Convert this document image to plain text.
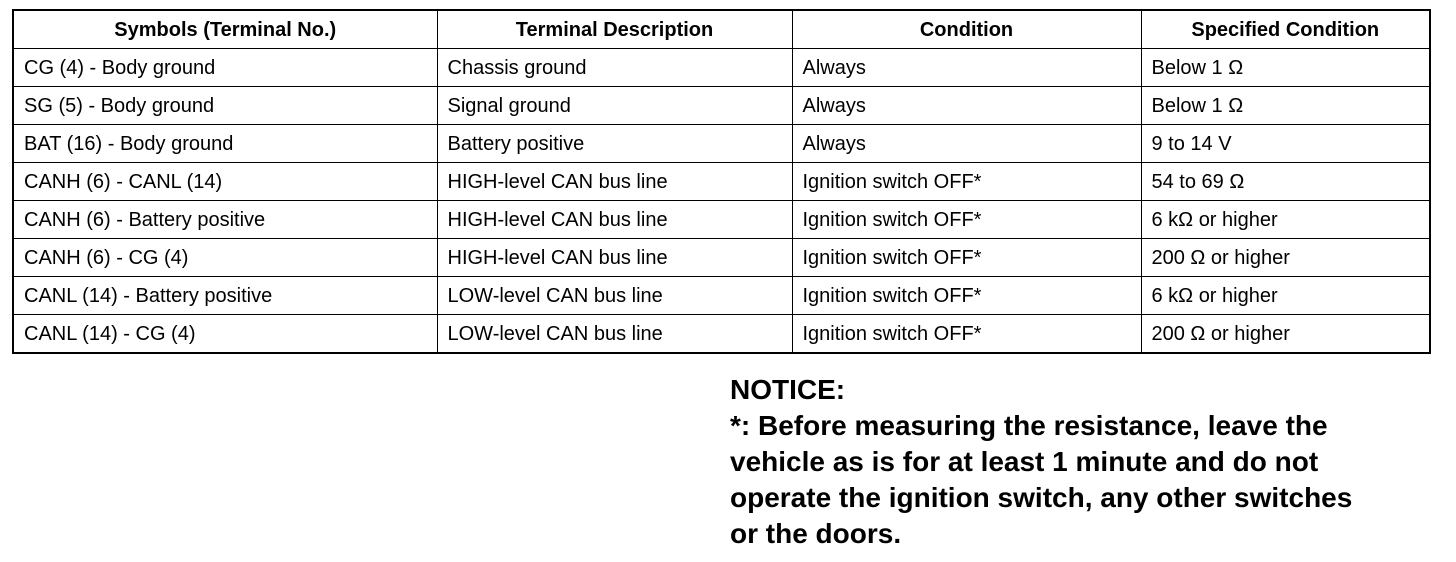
Symbols (Terminal No.)	Terminal Description	Condition	Specified Condition
CG (4) - Body ground	Chassis ground	Always	Below 1 Ω
SG (5) - Body ground	Signal ground	Always	Below 1 Ω
BAT (16) - Body ground	Battery positive	Always	9 to 14 V
CANH (6) - CANL (14)	HIGH-level CAN bus line	Ignition switch OFF*	54 to 69 Ω
CANH (6) - Battery positive	HIGH-level CAN bus line	Ignition switch OFF*	6 kΩ or higher
CANH (6) - CG (4)	HIGH-level CAN bus line	Ignition switch OFF*	200 Ω or higher
CANL (14) - Battery positive	LOW-level CAN bus line	Ignition switch OFF*	6 kΩ or higher
CANL (14) - CG (4)	LOW-level CAN bus line	Ignition switch OFF*	200 Ω or higher
NOTICE:
*: Before measuring the resistance, leave the
vehicle as is for at least 1 minute and do not
operate the ignition switch, any other switches
or the doors.
